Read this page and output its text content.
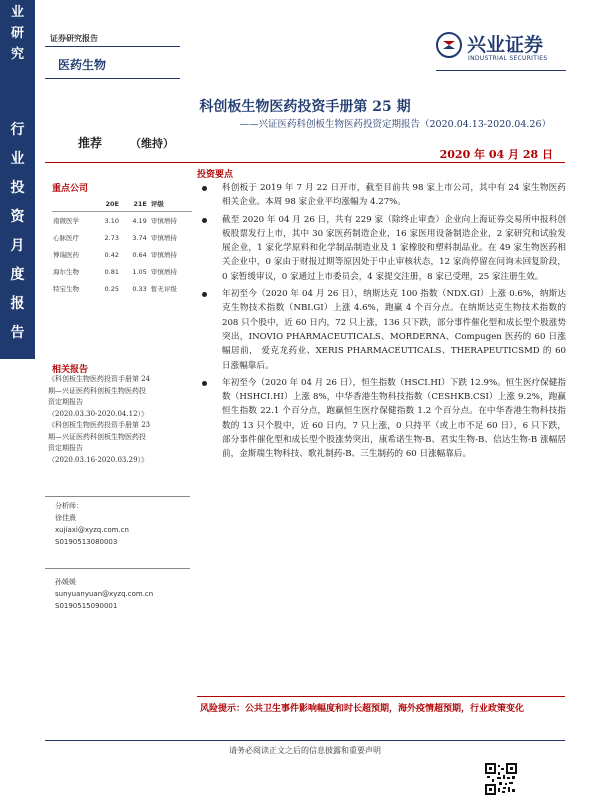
业
研
究
行
业
投
资
月
度
报
告
证券研究报告
医药生物
兴业证券
INDUSTRIAL SECURITIES
科创板生物医药投资手册第 25 期
——兴证医药科创板生物医药投资定期报告（2020.04.13-2020.04.26）
推荐	（维持）
2020 年 04 月 28 日
重点公司
	20E	21E	评级
南微医学	3.10	4.19	审慎增持
心脉医疗	2.73	3.74	审慎增持
博瑞医药	0.42	0.64	审慎增持
海尔生物	0.81	1.05	审慎增持
特宝生物	0.25	0.33	暂无评级
相关报告
《科创板生物医药投资手册第 24
期—兴证医药科创板生物医药投
资定期报告
（2020.03.30-2020.04.12）》
《科创板生物医药投资手册第 23
期—兴证医药科创板生物医药投
资定期报告
（2020.03.16-2020.03.29）》
分析师：
徐佳熹
xujiaxi@xyzq.com.cn
S0190513080003
孙媛媛
sunyuanyuan@xyzq.com.cn
S0190515090001
投资要点
科创板于 2019 年 7 月 22 日开市，截至目前共 98 家上市公司，其中有 24 家生物医药相关企业。本周 98 家企业平均涨幅为 4.27%。
截至 2020 年 04 月 26 日，共有 229 家（除终止审查）企业向上海证券交易所申报科创板股票发行上市，其中 30 家医药制造企业，16 家医用设备制造企业，2 家研究和试验发展企业，1 家化学原料和化学制品制造业及 1 家橡胶和塑料制品业。在 49 家生物医药相关企业中，0 家由于财报过期等原因处于中止审核状态，12 家尚停留在问询未回复阶段，0 家暂缓审议，0 家通过上市委员会，4 家提交注册，8 家已受理，25 家注册生效。
年初至今（2020 年 04 月 26 日），纳斯达克 100 指数（NDX.GI）上涨 0.6%，纳斯达克生物技术指数（NBI.GI）上涨 4.6%，跑赢 4 个百分点。在纳斯达克生物技术指数的 208 只个股中，近 60 日内，72 只上涨，136 只下跌，部分事件催化型和成长型个股涨势突出，INOVIO PHARMACEUTICALS、MORDERNA、Compugen 医药的 60 日涨幅居前， 爱克龙药业、XERIS PHARMACEUTICALS、THERAPEUTICSMD 的 60 日涨幅靠后。
年初至今（2020 年 04 月 26 日），恒生指数（HSCI.HI）下跌 12.9%。恒生医疗保健指数（HSHCI.HI）上涨 8%，中华香港生物科技指数（CESHKB.CSI）上涨 9.2%，跑赢恒生指数 22.1 个百分点，跑赢恒生医疗保健指数 1.2 个百分点。在中华香港生物科技指数的 13 只个股中，近 60 日内，7 只上涨，0 只持平（或上市不足 60 日），6 只下跌，部分事件催化型和成长型个股涨势突出，康希诺生物-B、君实生物-B、信达生物-B 涨幅居前，金斯瑞生物科技、歌礼制药-B、三生制药的 60 日涨幅靠后。
风险提示：公共卫生事件影响幅度和时长超预期，海外疫情超预期，行业政策变化
请务必阅读正文之后的信息披露和重要声明
